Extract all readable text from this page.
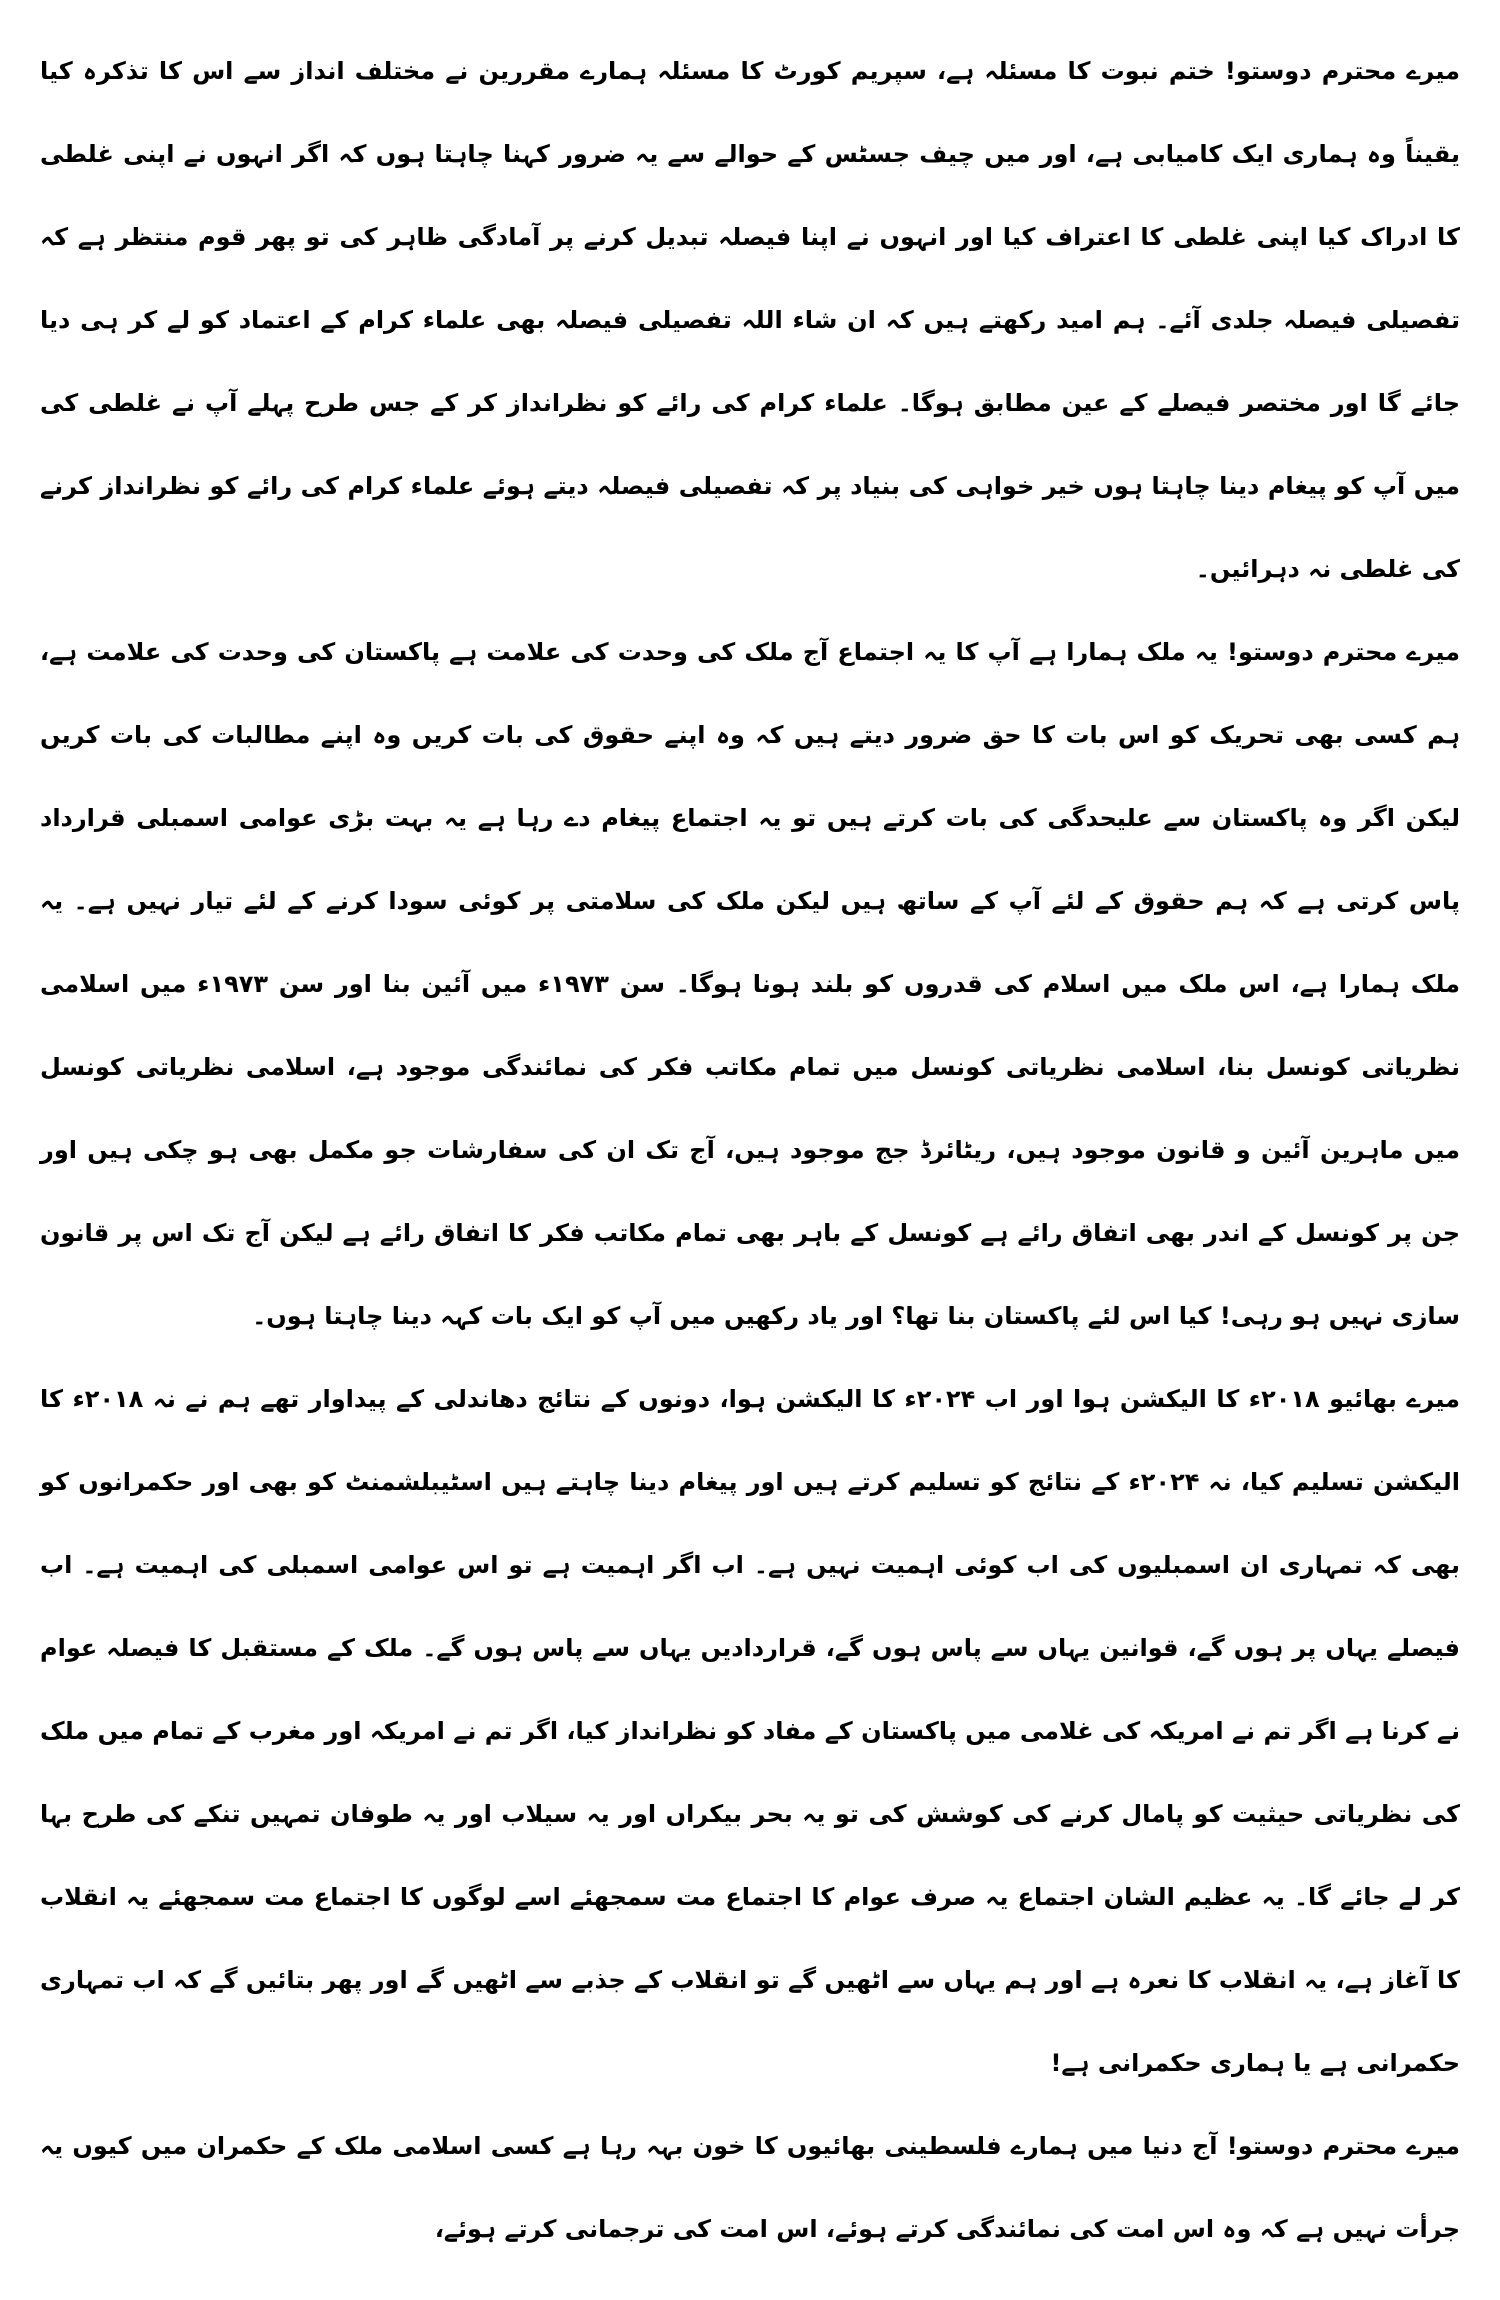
میرے محترم دوستو! ختم نبوت کا مسئلہ ہے، سپریم کورٹ کا مسئلہ ہمارے مقررین نے مختلف انداز سے اس کا تذکرہ کیا یقیناً وہ ہماری ایک کامیابی ہے، اور میں چیف جسٹس کے حوالے سے یہ ضرور کہنا چاہتا ہوں کہ اگر انہوں نے اپنی غلطی کا ادراک کیا اپنی غلطی کا اعتراف کیا اور انہوں نے اپنا فیصلہ تبدیل کرنے پر آمادگی ظاہر کی تو پھر قوم منتظر ہے کہ تفصیلی فیصلہ جلدی آئے۔ ہم امید رکھتے ہیں کہ ان شاء اللہ تفصیلی فیصلہ بھی علماء کرام کے اعتماد کو لے کر ہی دیا جائے گا اور مختصر فیصلے کے عین مطابق ہوگا۔ علماء کرام کی رائے کو نظرانداز کر کے جس طرح پہلے آپ نے غلطی کی میں آپ کو پیغام دینا چاہتا ہوں خیر خواہی کی بنیاد پر کہ تفصیلی فیصلہ دیتے ہوئے علماء کرام کی رائے کو نظرانداز کرنے کی غلطی نہ دہرائیں۔

میرے محترم دوستو! یہ ملک ہمارا ہے آپ کا یہ اجتماع آج ملک کی وحدت کی علامت ہے پاکستان کی وحدت کی علامت ہے، ہم کسی بھی تحریک کو اس بات کا حق ضرور دیتے ہیں کہ وہ اپنے حقوق کی بات کریں وہ اپنے مطالبات کی بات کریں لیکن اگر وہ پاکستان سے علیحدگی کی بات کرتے ہیں تو یہ اجتماع پیغام دے رہا ہے یہ بہت بڑی عوامی اسمبلی قرارداد پاس کرتی ہے کہ ہم حقوق کے لئے آپ کے ساتھ ہیں لیکن ملک کی سلامتی پر کوئی سودا کرنے کے لئے تیار نہیں ہے۔ یہ ملک ہمارا ہے، اس ملک میں اسلام کی قدروں کو بلند ہونا ہوگا۔ سن ۱۹۷۳ء میں آئین بنا اور سن ۱۹۷۳ء میں اسلامی نظریاتی کونسل بنا، اسلامی نظریاتی کونسل میں تمام مکاتب فکر کی نمائندگی موجود ہے، اسلامی نظریاتی کونسل میں ماہرین آئین و قانون موجود ہیں، ریٹائرڈ جج موجود ہیں، آج تک ان کی سفارشات جو مکمل بھی ہو چکی ہیں اور جن پر کونسل کے اندر بھی اتفاق رائے ہے کونسل کے باہر بھی تمام مکاتب فکر کا اتفاق رائے ہے لیکن آج تک اس پر قانون سازی نہیں ہو رہی! کیا اس لئے پاکستان بنا تھا؟ اور یاد رکھیں میں آپ کو ایک بات کہہ دینا چاہتا ہوں۔

میرے بھائیو ۲۰۱۸ء کا الیکشن ہوا اور اب ۲۰۲۴ء کا الیکشن ہوا، دونوں کے نتائج دھاندلی کے پیداوار تھے ہم نے نہ ۲۰۱۸ء کا الیکشن تسلیم کیا، نہ ۲۰۲۴ء کے نتائج کو تسلیم کرتے ہیں اور پیغام دینا چاہتے ہیں اسٹیبلشمنٹ کو بھی اور حکمرانوں کو بھی کہ تمہاری ان اسمبلیوں کی اب کوئی اہمیت نہیں ہے۔ اب اگر اہمیت ہے تو اس عوامی اسمبلی کی اہمیت ہے۔ اب فیصلے یہاں پر ہوں گے، قوانین یہاں سے پاس ہوں گے، قراردادیں یہاں سے پاس ہوں گے۔ ملک کے مستقبل کا فیصلہ عوام نے کرنا ہے اگر تم نے امریکہ کی غلامی میں پاکستان کے مفاد کو نظرانداز کیا، اگر تم نے امریکہ اور مغرب کے تمام میں ملک کی نظریاتی حیثیت کو پامال کرنے کی کوشش کی تو یہ بحر بیکراں اور یہ سیلاب اور یہ طوفان تمہیں تنکے کی طرح بہا کر لے جائے گا۔ یہ عظیم الشان اجتماع یہ صرف عوام کا اجتماع مت سمجھئے اسے لوگوں کا اجتماع مت سمجھئے یہ انقلاب کا آغاز ہے، یہ انقلاب کا نعرہ ہے اور ہم یہاں سے اٹھیں گے تو انقلاب کے جذبے سے اٹھیں گے اور پھر بتائیں گے کہ اب تمہاری حکمرانی ہے یا ہماری حکمرانی ہے!

میرے محترم دوستو! آج دنیا میں ہمارے فلسطینی بھائیوں کا خون بہہ رہا ہے کسی اسلامی ملک کے حکمران میں کیوں یہ جرأت نہیں ہے کہ وہ اس امت کی نمائندگی کرتے ہوئے، اس امت کی ترجمانی کرتے ہوئے،
